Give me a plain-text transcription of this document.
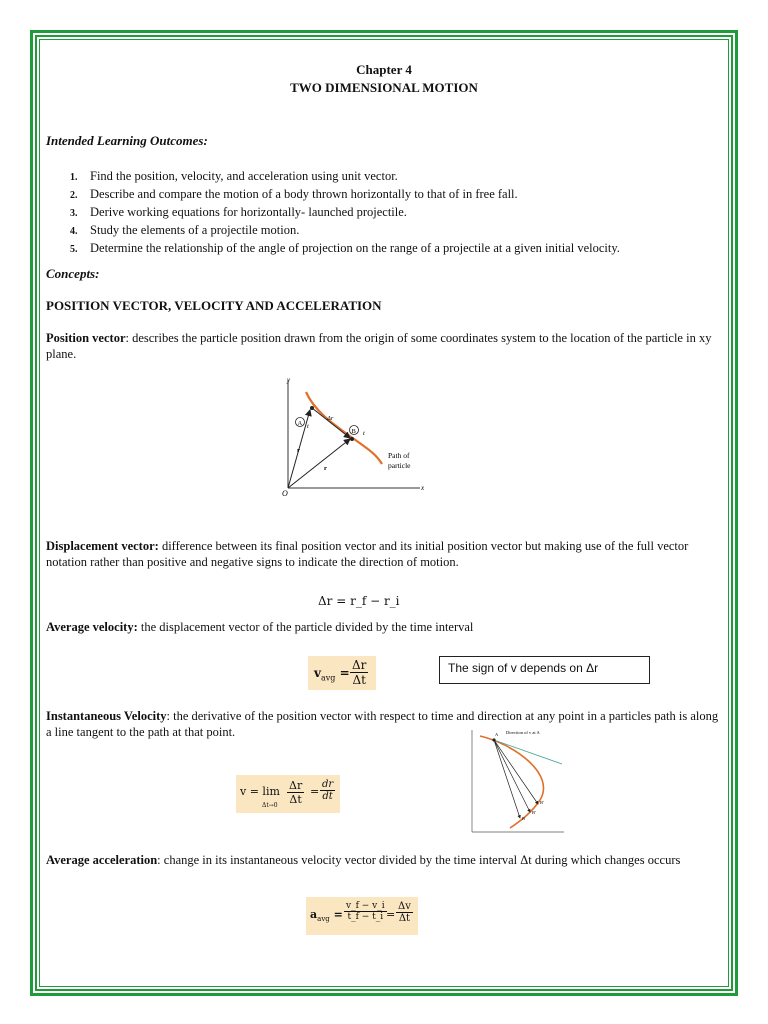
Chapter 4
TWO DIMENSIONAL MOTION
Intended Learning Outcomes:
1. Find the position, velocity, and acceleration using unit vector.
2. Describe and compare the motion of a body thrown horizontally to that of in free fall.
3. Derive working equations for horizontally- launched projectile.
4. Study the elements of a projectile motion.
5. Determine the relationship of the angle of projection on the range of a projectile at a given initial velocity.
Concepts:
POSITION VECTOR, VELOCITY AND ACCELERATION
Position vector: describes the particle position drawn from the origin of some coordinates system to the location of the particle in xy plane.
y
x
O
A t
Δr
B t
r
r
Path of
particle
Displacement vector: difference between its final position vector and its initial position vector but making use of the full vector notation rather than positive and negative signs to indicate the direction of motion.
Δr = r_f − r_i
Average velocity: the displacement vector of the particle divided by the time interval
$v_{avg} = \frac{\Delta r}{\Delta t}$	The sign of v depends on Δr
Instantaneous Velocity: the derivative of the position vector with respect to time and direction at any point in a particles path is along a line tangent to the path at that point.
v = lim
$\Delta t\to 0 \frac{\Delta r}{\Delta t} = \frac{dr}{dt}$
Direction of v at A
A
B'
B'
B
Average acceleration: change in its instantaneous velocity vector divided by the time interval Δt during which changes occurs
$a_{avg} = \frac{v\_f - v\_i}{t\_f - t\_i} = \frac{\Delta v}{\Delta t}$
